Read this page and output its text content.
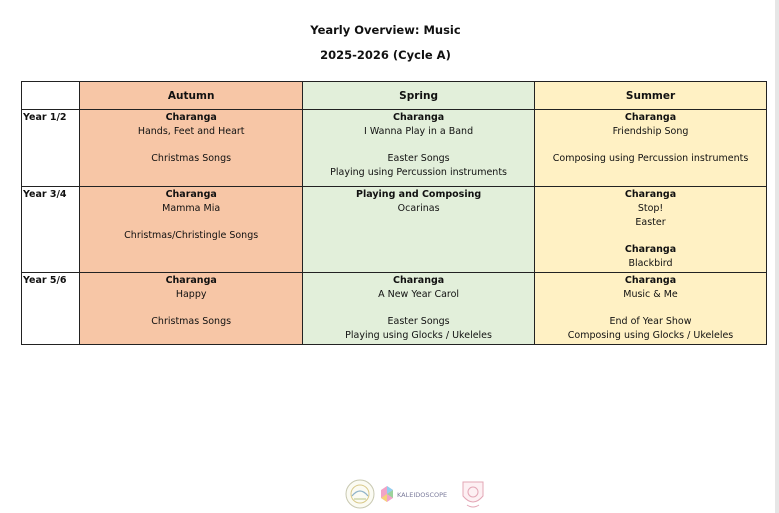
Yearly Overview: Music
2025-2026 (Cycle A)
	Autumn	Spring	Summer
Year 1/2	Charanga
Hands, Feet and Heart
Christmas Songs	Charanga
I Wanna Play in a Band
Easter Songs
Playing using Percussion instruments	Charanga
Friendship Song
Composing using Percussion instruments

Year 3/4	Charanga
Mamma Mia
Christmas/Christingle Songs	Playing and Composing
Ocarinas	Charanga
Stop!
Easter
Charanga
Blackbird

Year 5/6	Charanga
Happy
Christmas Songs	Charanga
A New Year Carol
Easter Songs
Playing using Glocks / Ukeleles	Charanga
Music & Me
End of Year Show
Composing using Glocks / Ukeleles
KALEIDOSCOPE
